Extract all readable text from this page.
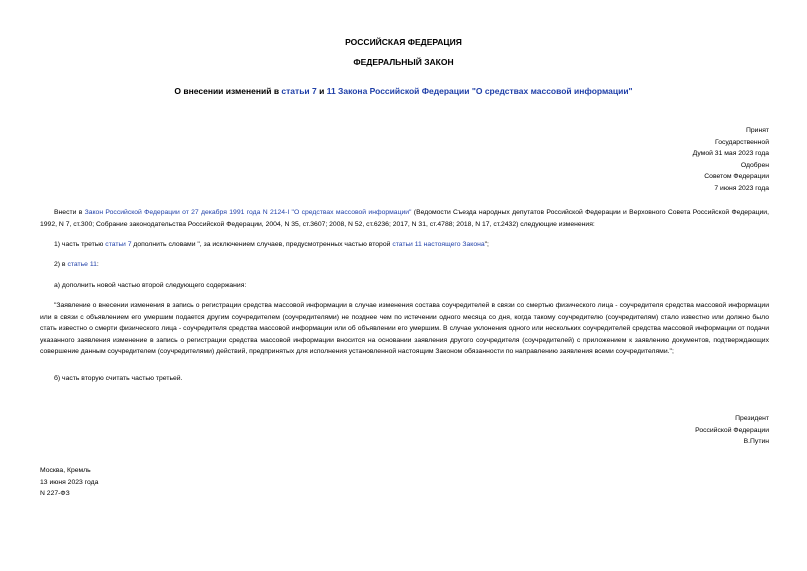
РОССИЙСКАЯ ФЕДЕРАЦИЯ
ФЕДЕРАЛЬНЫЙ ЗАКОН
О внесении изменений в статьи 7 и 11 Закона Российской Федерации "О средствах массовой информации"
Принят
Государственной
Думой 31 мая 2023 года
Одобрен
Советом Федерации
7 июня 2023 года
Внести в Закон Российской Федерации от 27 декабря 1991 года N 2124-I "О средствах массовой информации" (Ведомости Съезда народных депутатов Российской Федерации и Верховного Совета Российской Федерации, 1992, N 7, ст.300; Собрание законодательства Российской Федерации, 2004, N 35, ст.3607; 2008, N 52, ст.6236; 2017, N 31, ст.4788; 2018, N 17, ст.2432) следующие изменения:
1) часть третью статьи 7 дополнить словами ", за исключением случаев, предусмотренных частью второй статьи 11 настоящего Закона";
2) в статье 11:
а) дополнить новой частью второй следующего содержания:
"Заявление о внесении изменения в запись о регистрации средства массовой информации в случае изменения состава соучредителей в связи со смертью физического лица - соучредителя средства массовой информации или в связи с объявлением его умершим подается другим соучредителем (соучредителями) не позднее чем по истечении одного месяца со дня, когда такому соучредителю (соучредителям) стало известно или должно было стать известно о смерти физического лица - соучредителя средства массовой информации или об объявлении его умершим. В случае уклонения одного или нескольких соучредителей средства массовой информации от подачи указанного заявления изменение в запись о регистрации средства массовой информации вносится на основании заявления другого соучредителя (соучредителей) с приложением к заявлению документов, подтверждающих совершение данным соучредителем (соучредителями) действий, предпринятых для исполнения установленной настоящим Законом обязанности по направлению заявления всеми соучредителями.";
б) часть вторую считать частью третьей.
Президент
Российской Федерации
В.Путин
Москва, Кремль
13 июня 2023 года
N 227-ФЗ
